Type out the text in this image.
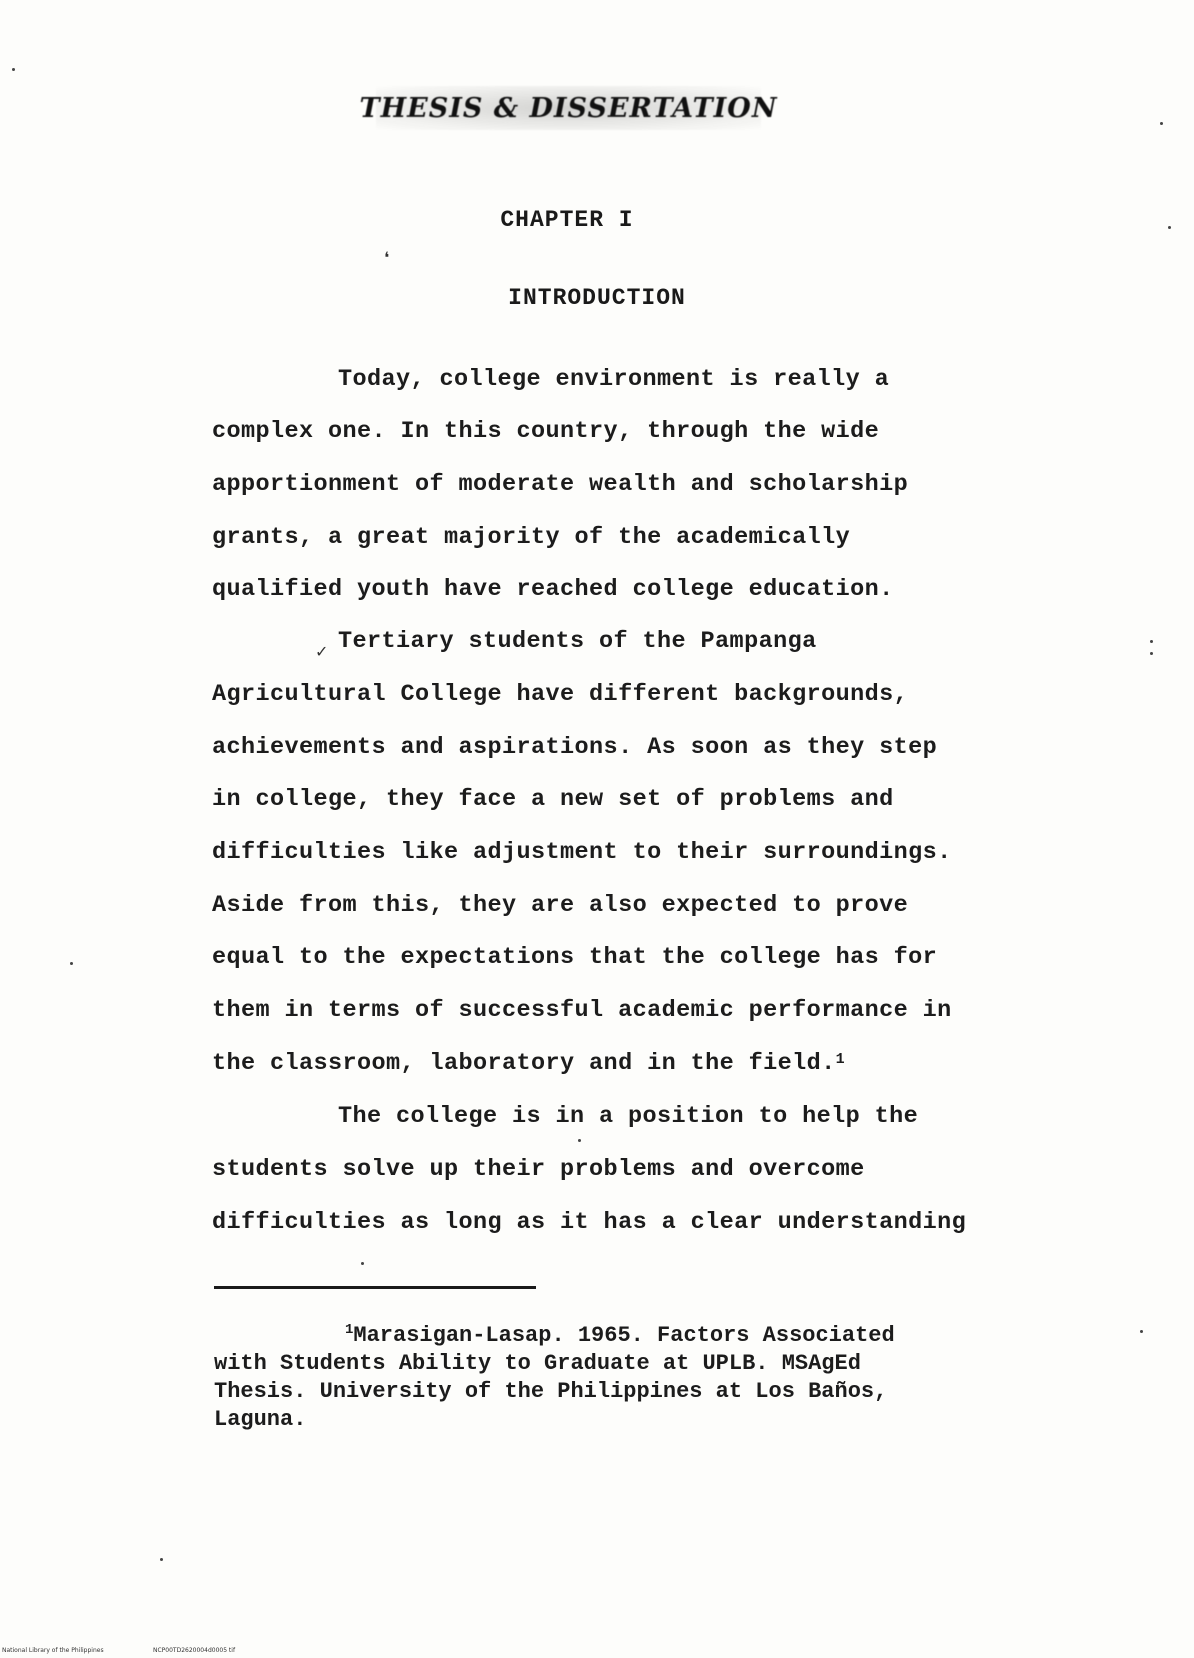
THESIS & DISSERTATION
CHAPTER I
❛
INTRODUCTION
Today, college environment is really a
complex one. In this country, through the wide
apportionment of moderate wealth and scholarship
grants, a great majority of the academically
qualified youth have reached college education.
✓ Tertiary students of the Pampanga
Agricultural College have different backgrounds,
achievements and aspirations. As soon as they step
in college, they face a new set of problems and
difficulties like adjustment to their surroundings.
Aside from this, they are also expected to prove
equal to the expectations that the college has for
them in terms of successful academic performance in
the classroom, laboratory and in the field.$^1$
The college is in a position to help the
students solve up their problems and overcome
difficulties as long as it has a clear understanding
$^1$Marasigan-Lasap. 1965. Factors Associated
with Students Ability to Graduate at UPLB. MSAgEd
Thesis. University of the Philippines at Los Baños,
Laguna.
National Library of the Philippines	NCP00TD2620004d0005 tif
